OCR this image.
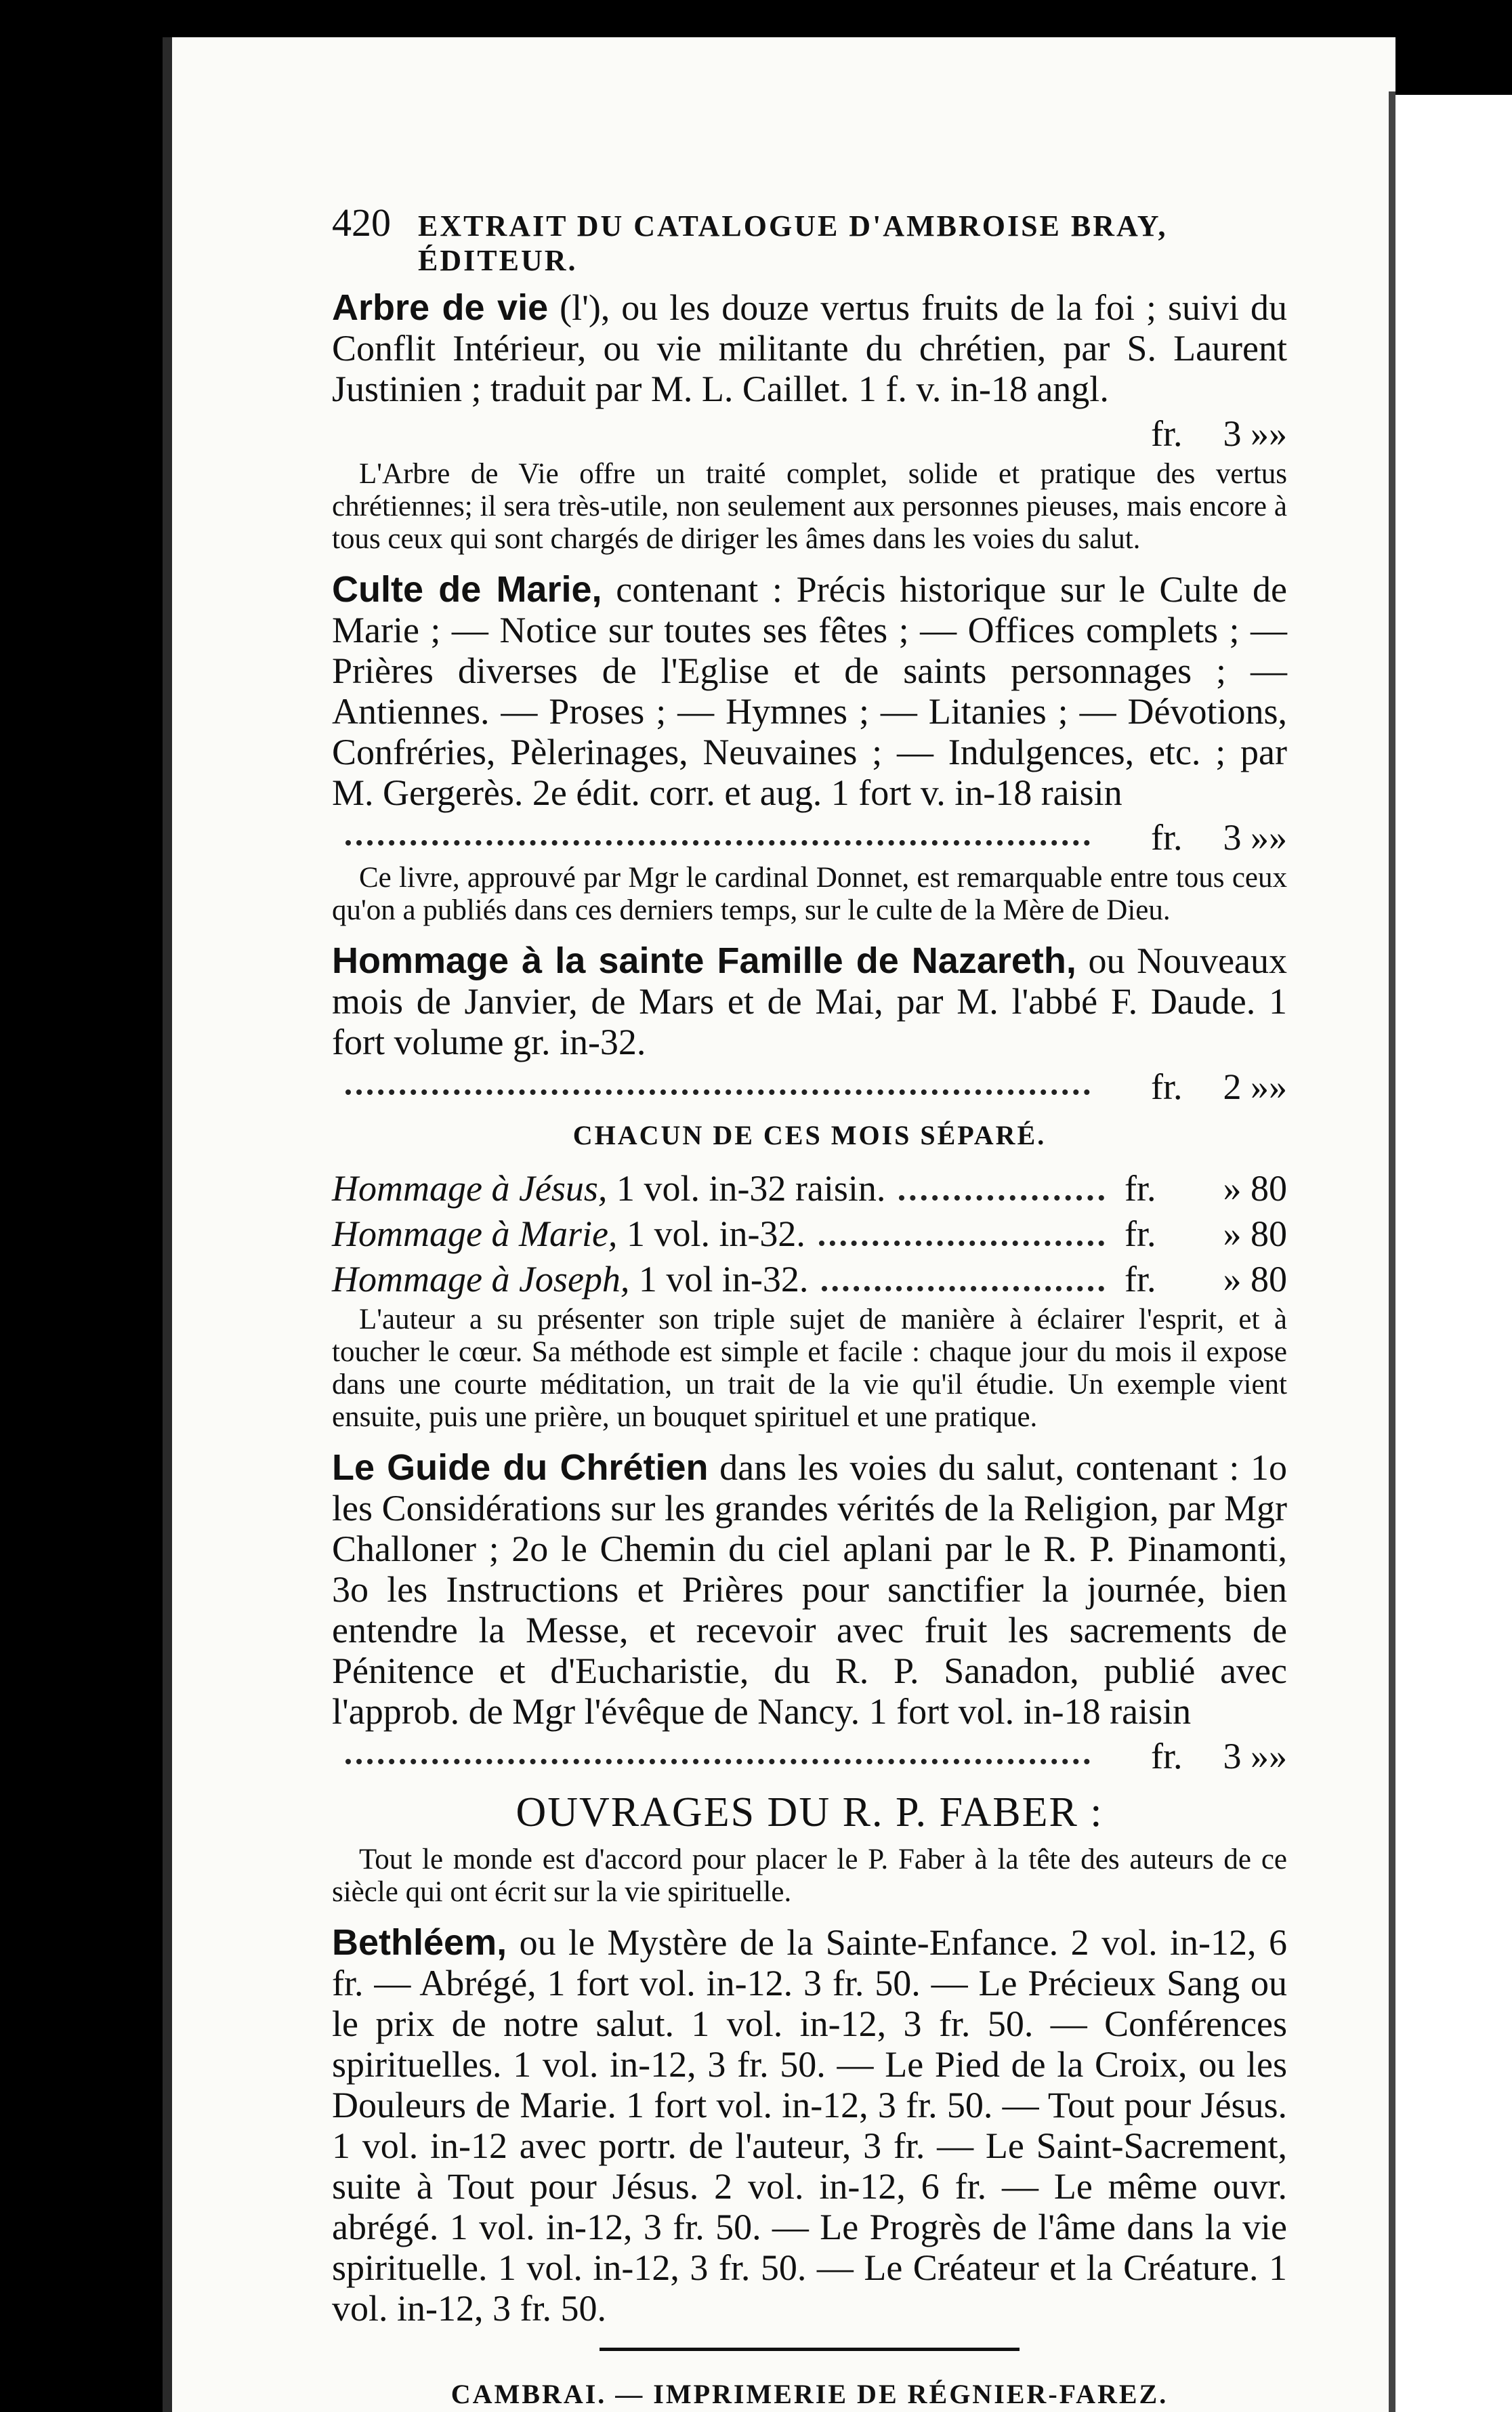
420 EXTRAIT DU CATALOGUE D'AMBROISE BRAY, ÉDITEUR.

Arbre de vie (l'), ou les douze vertus fruits de la foi ; suivi du Conflit Intérieur, ou vie militante du chrétien, par S. Laurent Justinien ; traduit par M. L. Caillet. 1 f. v. in-18 angl.

fr. 3 »»

L'Arbre de Vie offre un traité complet, solide et pratique des vertus chrétiennes; il sera très-utile, non seulement aux personnes pieuses, mais encore à tous ceux qui sont chargés de diriger les âmes dans les voies du salut.

Culte de Marie, contenant : Précis historique sur le Culte de Marie ; — Notice sur toutes ses fêtes ; — Offices complets ; — Prières diverses de l'Eglise et de saints personnages ; — Antiennes. — Proses ; — Hymnes ; — Litanies ; — Dévotions, Confréries, Pèlerinages, Neuvaines ; — Indulgences, etc. ; par M. Gergerès. 2e édit. corr. et aug. 1 fort v. in-18 raisin

fr. 3 »»

Ce livre, approuvé par Mgr le cardinal Donnet, est remarquable entre tous ceux qu'on a publiés dans ces derniers temps, sur le culte de la Mère de Dieu.

Hommage à la sainte Famille de Nazareth, ou Nouveaux mois de Janvier, de Mars et de Mai, par M. l'abbé F. Daude. 1 fort volume gr. in-32.

fr. 2 »»
CHACUN DE CES MOIS SÉPARÉ.
Hommage à Jésus,
1 vol. in-32 raisin.	fr.	» 80
Hommage à Marie,
1 vol. in-32.	fr.	» 80
Hommage à Joseph,
1 vol in-32.	fr.	» 80

L'auteur a su présenter son triple sujet de manière à éclairer l'esprit, et à toucher le cœur. Sa méthode est simple et facile : chaque jour du mois il expose dans une courte méditation, un trait de la vie qu'il étudie. Un exemple vient ensuite, puis une prière, un bouquet spirituel et une pratique.

Le Guide du Chrétien dans les voies du salut, contenant : 1o les Considérations sur les grandes vérités de la Religion, par Mgr Challoner ; 2o le Chemin du ciel aplani par le R. P. Pinamonti, 3o les Instructions et Prières pour sanctifier la journée, bien entendre la Messe, et recevoir avec fruit les sacrements de Pénitence et d'Eucharistie, du R. P. Sanadon, publié avec l'approb. de Mgr l'évêque de Nancy. 1 fort vol. in-18 raisin

fr. 3 »»
OUVRAGES DU R. P. FABER :

Tout le monde est d'accord pour placer le P. Faber à la tête des auteurs de ce siècle qui ont écrit sur la vie spirituelle.

Bethléem, ou le Mystère de la Sainte-Enfance. 2 vol. in-12, 6 fr. — Abrégé, 1 fort vol. in-12. 3 fr. 50. — Le Précieux Sang ou le prix de notre salut. 1 vol. in-12, 3 fr. 50. — Conférences spirituelles. 1 vol. in-12, 3 fr. 50. — Le Pied de la Croix, ou les Douleurs de Marie. 1 fort vol. in-12, 3 fr. 50. — Tout pour Jésus. 1 vol. in-12 avec portr. de l'auteur, 3 fr. — Le Saint-Sacrement, suite à Tout pour Jésus. 2 vol. in-12, 6 fr. — Le même ouvr. abrégé. 1 vol. in-12, 3 fr. 50. — Le Progrès de l'âme dans la vie spirituelle. 1 vol. in-12, 3 fr. 50. — Le Créateur et la Créature. 1 vol. in-12, 3 fr. 50.

CAMBRAI. — IMPRIMERIE DE RÉGNIER-FAREZ.
